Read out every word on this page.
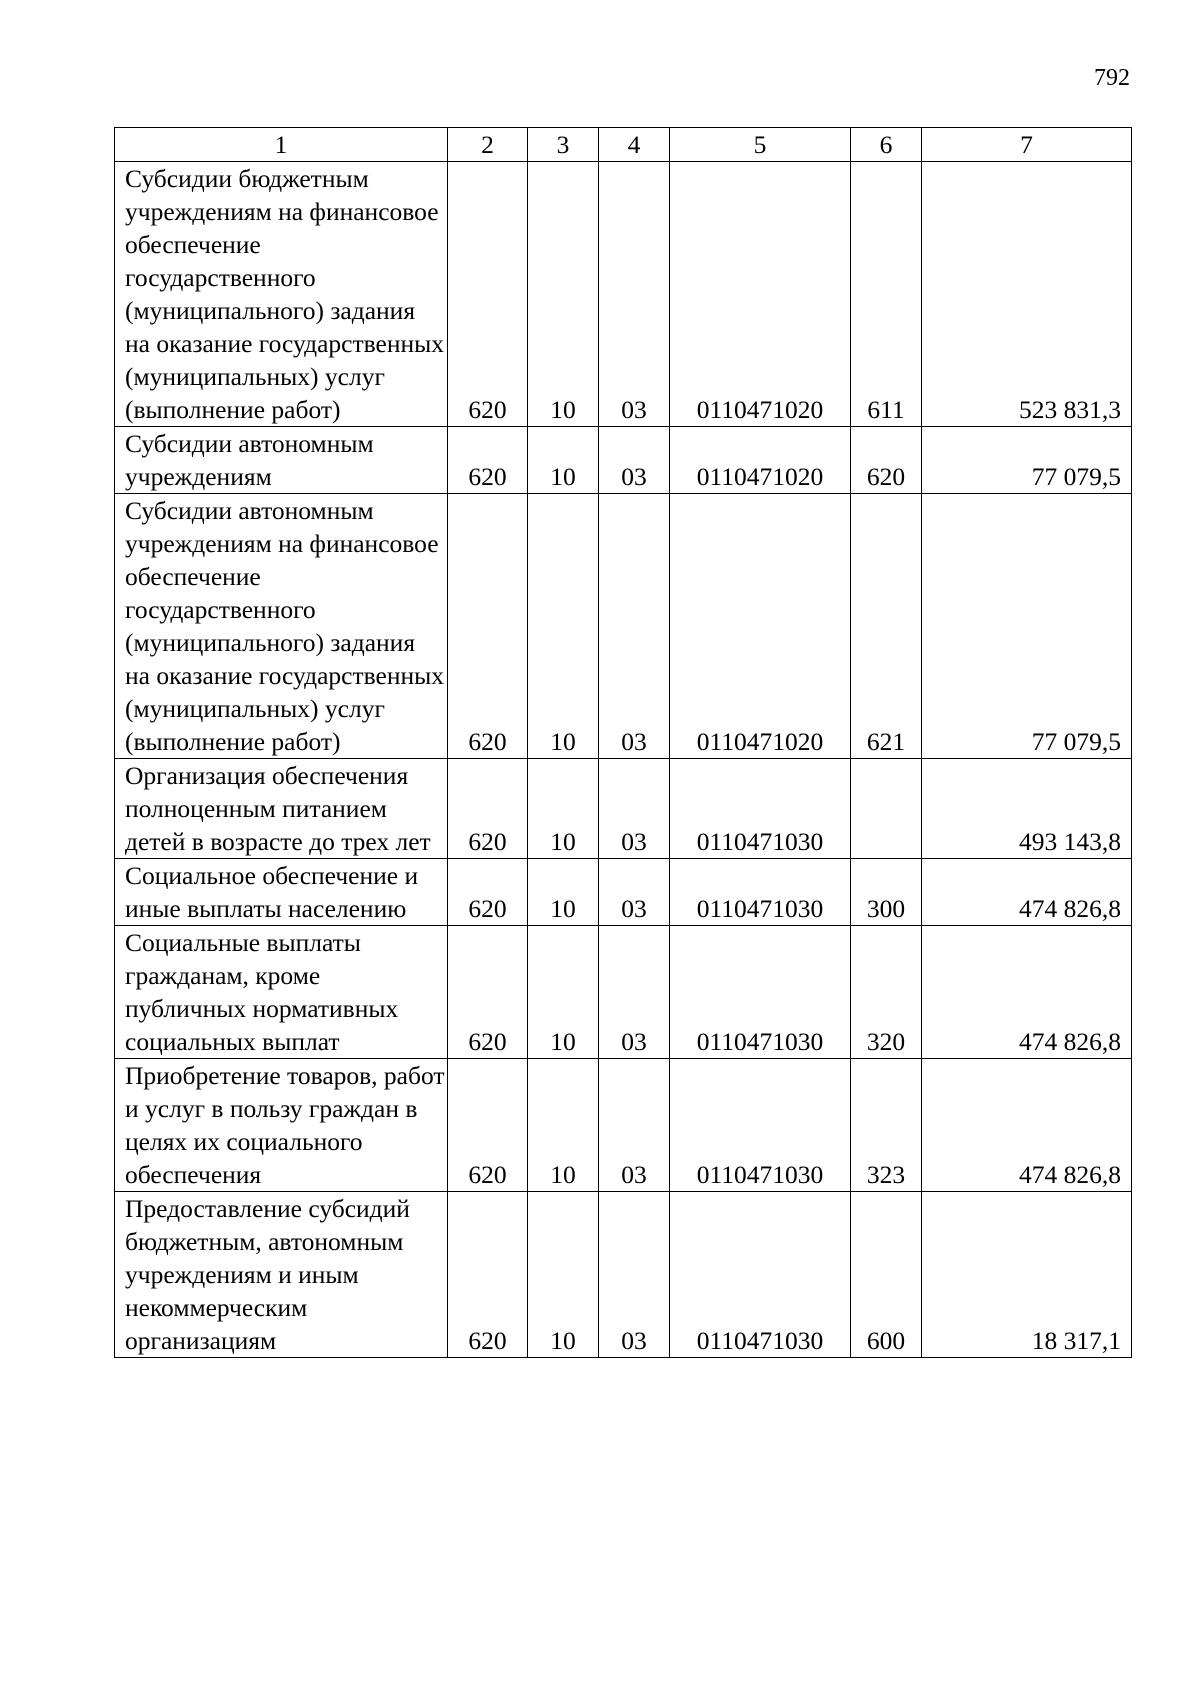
792
1	2	3	4	5	6	7
Субсидии бюджетным учреждениям на финансовое обеспечение государственного (муниципального) задания на оказание государственных (муниципальных) услуг (выполнение работ)	620	10	03	0110471020	611	523 831,3
Субсидии автономным учреждениям	620	10	03	0110471020	620	77 079,5
Субсидии автономным учреждениям на финансовое обеспечение государственного (муниципального) задания на оказание государственных (муниципальных) услуг (выполнение работ)	620	10	03	0110471020	621	77 079,5
Организация обеспечения полноценным питанием детей в возрасте до трех лет	620	10	03	0110471030		493 143,8
Социальное обеспечение и иные выплаты населению	620	10	03	0110471030	300	474 826,8
Социальные выплаты гражданам, кроме публичных нормативных социальных выплат	620	10	03	0110471030	320	474 826,8
Приобретение товаров, работ и услуг в пользу граждан в целях их социального обеспечения	620	10	03	0110471030	323	474 826,8
Предоставление субсидий бюджетным, автономным учреждениям и иным некоммерческим организациям	620	10	03	0110471030	600	18 317,1
